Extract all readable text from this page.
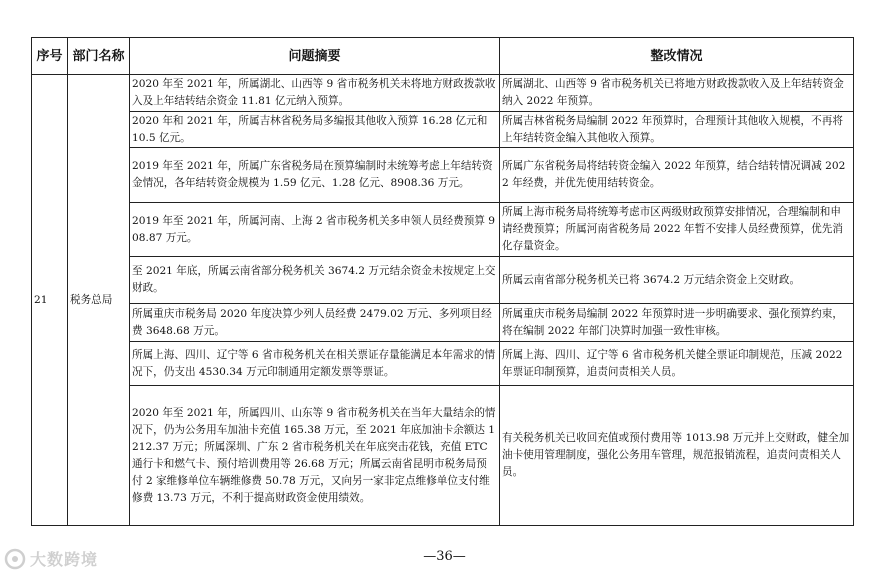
序号	部门名称	问题摘要	整改情况
21	税务总局	2020 年至 2021 年，所属湖北、山西等 9 省市税务机关未将地方财政拨款收入及上年结转结余资金 11.81 亿元纳入预算。	所属湖北、山西等 9 省市税务机关已将地方财政拨款收入及上年结转资金纳入 2022 年预算。
		2020 年和 2021 年，所属吉林省税务局多编报其他收入预算 16.28 亿元和 10.5 亿元。	所属吉林省税务局编制 2022 年预算时，合理预计其他收入规模，不再将上年结转资金编入其他收入预算。
		2019 年至 2021 年，所属广东省税务局在预算编制时未统筹考虑上年结转资金情况，各年结转资金规模为 1.59 亿元、1.28 亿元、8908.36 万元。	所属广东省税务局将结转资金编入 2022 年预算，结合结转情况调减 2022 年经费，并优先使用结转资金。
		2019 年至 2021 年，所属河南、上海 2 省市税务机关多申领人员经费预算 908.87 万元。	所属上海市税务局将统筹考虑市区两级财政预算安排情况，合理编制和申请经费预算；所属河南省税务局 2022 年暂不安排人员经费预算，优先消化存量资金。
		至 2021 年底，所属云南省部分税务机关 3674.2 万元结余资金未按规定上交财政。	所属云南省部分税务机关已将 3674.2 万元结余资金上交财政。
		所属重庆市税务局 2020 年度决算少列人员经费 2479.02 万元、多列项目经费 3648.68 万元。	所属重庆市税务局编制 2022 年预算时进一步明确要求、强化预算约束，将在编制 2022 年部门决算时加强一致性审核。
		所属上海、四川、辽宁等 6 省市税务机关在相关票证存量能满足本年需求的情况下，仍支出 4530.34 万元印制通用定额发票等票证。	所属上海、四川、辽宁等 6 省市税务机关健全票证印制规范，压减 2022 年票证印制预算，追责问责相关人员。
		2020 年至 2021 年，所属四川、山东等 9 省市税务机关在当年大量结余的情况下，仍为公务用车加油卡充值 165.38 万元，至 2021 年底加油卡余额达 1212.37 万元；所属深圳、广东 2 省市税务机关在年底突击花钱，充值 ETC 通行卡和燃气卡、预付培训费用等 26.68 万元；所属云南省昆明市税务局预付 2 家维修单位车辆维修费 50.78 万元，又向另一家非定点维修单位支付维修费 13.73 万元，不利于提高财政资金使用绩效。	有关税务机关已收回充值或预付费用等 1013.98 万元并上交财政，健全加油卡使用管理制度，强化公务用车管理，规范报销流程，追责问责相关人员。
—36—
大数跨境
